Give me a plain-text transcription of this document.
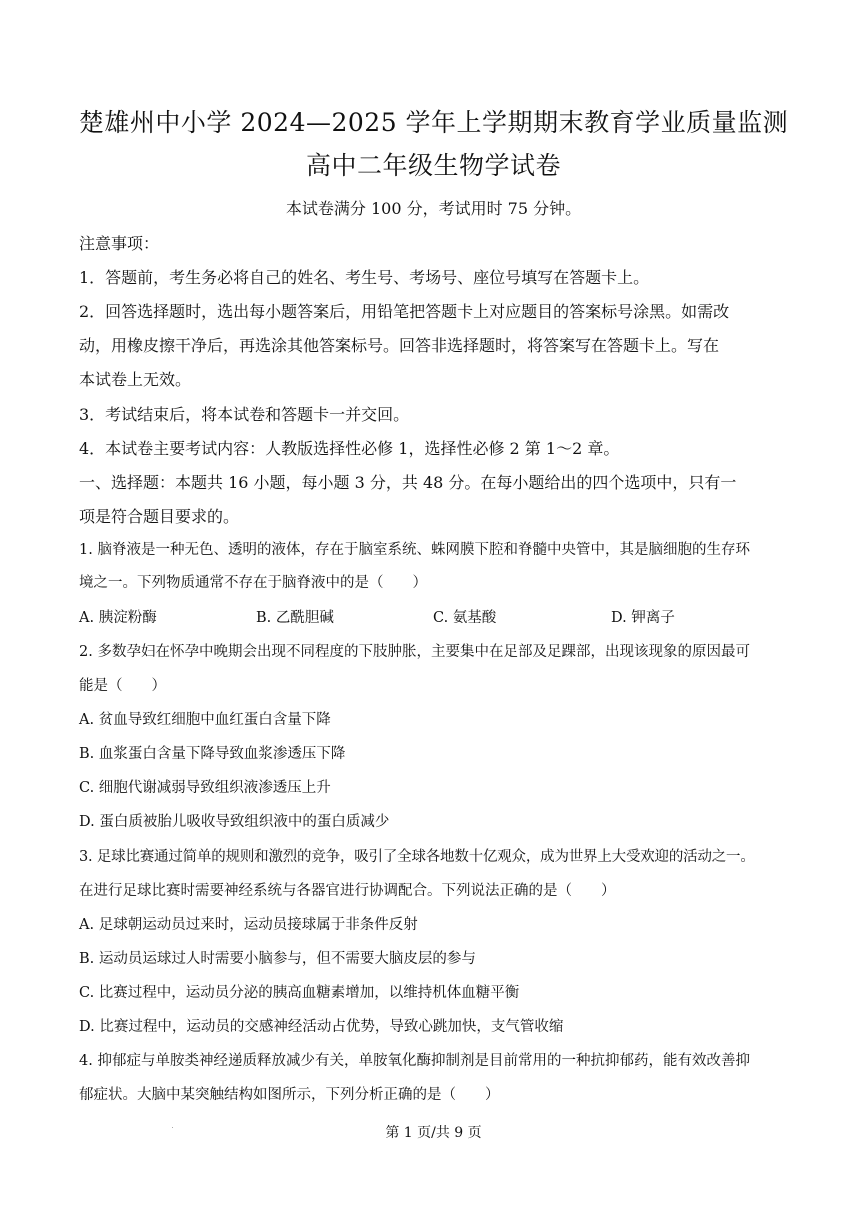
楚雄州中小学 2024—2025 学年上学期期末教育学业质量监测
高中二年级生物学试卷
本试卷满分 100 分，考试用时 75 分钟。
注意事项：
1．答题前，考生务必将自己的姓名、考生号、考场号、座位号填写在答题卡上。
2．回答选择题时，选出每小题答案后，用铅笔把答题卡上对应题目的答案标号涂黑。如需改
动，用橡皮擦干净后，再选涂其他答案标号。回答非选择题时，将答案写在答题卡上。写在
本试卷上无效。
3．考试结束后，将本试卷和答题卡一并交回。
4．本试卷主要考试内容：人教版选择性必修 1，选择性必修 2 第 1～2 章。
一、选择题：本题共 16 小题，每小题 3 分，共 48 分。在每小题给出的四个选项中，只有一
项是符合题目要求的。
1. 脑脊液是一种无色、透明的液体，存在于脑室系统、蛛网膜下腔和脊髓中央管中，其是脑细胞的生存环
境之一。下列物质通常不存在于脑脊液中的是（　　）
A. 胰淀粉酶	B. 乙酰胆碱	C. 氨基酸	D. 钾离子
2. 多数孕妇在怀孕中晚期会出现不同程度的下肢肿胀，主要集中在足部及足踝部，出现该现象的原因最可
能是（　　）
A. 贫血导致红细胞中血红蛋白含量下降
B. 血浆蛋白含量下降导致血浆渗透压下降
C. 细胞代谢减弱导致组织液渗透压上升
D. 蛋白质被胎儿吸收导致组织液中的蛋白质减少
3. 足球比赛通过简单的规则和激烈的竞争，吸引了全球各地数十亿观众，成为世界上大受欢迎的活动之一。
在进行足球比赛时需要神经系统与各器官进行协调配合。下列说法正确的是（　　）
A. 足球朝运动员过来时，运动员接球属于非条件反射
B. 运动员运球过人时需要小脑参与，但不需要大脑皮层的参与
C. 比赛过程中，运动员分泌的胰高血糖素增加，以维持机体血糖平衡
D. 比赛过程中，运动员的交感神经活动占优势，导致心跳加快，支气管收缩
4. 抑郁症与单胺类神经递质释放减少有关，单胺氧化酶抑制剂是目前常用的一种抗抑郁药，能有效改善抑
郁症状。大脑中某突触结构如图所示，下列分析正确的是（　　）
第 1 页/共 9 页
